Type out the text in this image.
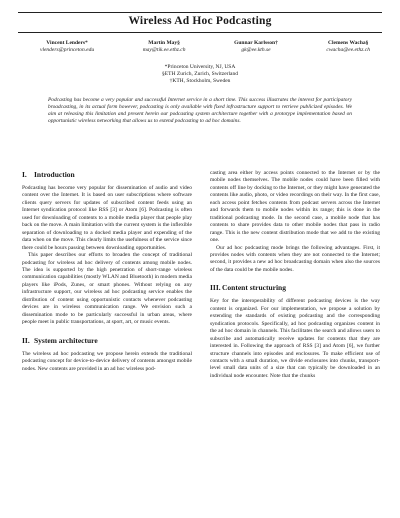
Wireless Ad Hoc Podcasting
Vincent Lenders*
vlenders@princeton.edu
Martin May§
may@tik.ee.ethz.ch
Gunnar Karlsson†
gk@ee.kth.se
Clemens Wacha§
cwacha@ee.ethz.ch
*Princeton University, NJ, USA
§ETH Zurich, Zurich, Switzerland
†KTH, Stockholm, Sweden
Podcasting has become a very popular and successful Internet service in a short time. This success illustrates the interest for participatory broadcasting, in its actual form however, podcasting is only available with fixed infrastructure support to retrieve publicized episodes. We aim at releasing this limitation and present herein our podcasting system architecture together with a prototype implementation based on opportunistic wireless networking that allows us to extend podcasting to ad hoc domains.
I. Introduction

Podcasting has become very popular for dissemination of audio and video content over the Internet. It is based on user subscriptions where software clients query servers for updates of subscribed content feeds using an Internet syndication protocol like RSS [3] or Atom [6]. Podcasting is often used for downloading of contents to a mobile media player that people play back on the move. A main limitation with the current system is the inflexible separation of downloading to a docked media player and expending of the data when on the move. This clearly limits the usefulness of the service since there could be hours passing between downloading opportunities.

This paper describes our efforts to broaden the concept of traditional podcasting for wireless ad hoc delivery of contents among mobile nodes. The idea is supported by the high penetration of short-range wireless communication capabilities (mostly WLAN and Bluetooth) in modern media players like iPods, Zunes, or smart phones. Without relying on any infrastructure support, our wireless ad hoc podcasting service enables the distribution of content using opportunistic contacts whenever podcasting devices are in wireless communication range. We envision such a dissemination mode to be particularly successful in urban areas, where people meet in public transportations, at sport, art, or music events.

II. System architecture

The wireless ad hoc podcasting we propose herein extends the traditional podcasting concept for device-to-device delivery of contents amongst mobile nodes. New contents are provided in an ad hoc wireless pod-

casting area either by access points connected to the Internet or by the mobile nodes themselves. The mobile nodes could have been filled with contents off line by docking to the Internet, or they might have generated the contents like audio, photo, or video recordings on their way. In the first case, each access point fetches contents from podcast servers across the Internet and forwards them to mobile nodes within its range; this is done in the traditional podcasting mode. In the second case, a mobile node that has contents to share provides data to other mobile nodes that pass in radio range. This is the new content distribution mode that we add to the existing one.

Our ad hoc podcasting mode brings the following advantages. First, it provides nodes with contents when they are not connected to the Internet; second, it provides a new ad hoc broadcasting domain when also the sources of the data could be the mobile nodes.

III.Content structuring

Key for the interoperability of different podcasting devices is the way content is organized. For our implementation, we propose a solution by extending the standards of existing podcasting and the corresponding syndication protocols. Specifically, ad hoc podcasting organizes content in the ad hoc domain in channels. This facilitates the search and allows users to subscribe and automatically receive updates for contents that they are interested in. Following the approach of RSS [3] and Atom [6], we further structure channels into episodes and enclosures. To make efficient use of contacts with a small duration, we divide enclosures into chunks, transport-level small data units of a size that can typically be downloaded in an individual node encounter. Note that the chunks
